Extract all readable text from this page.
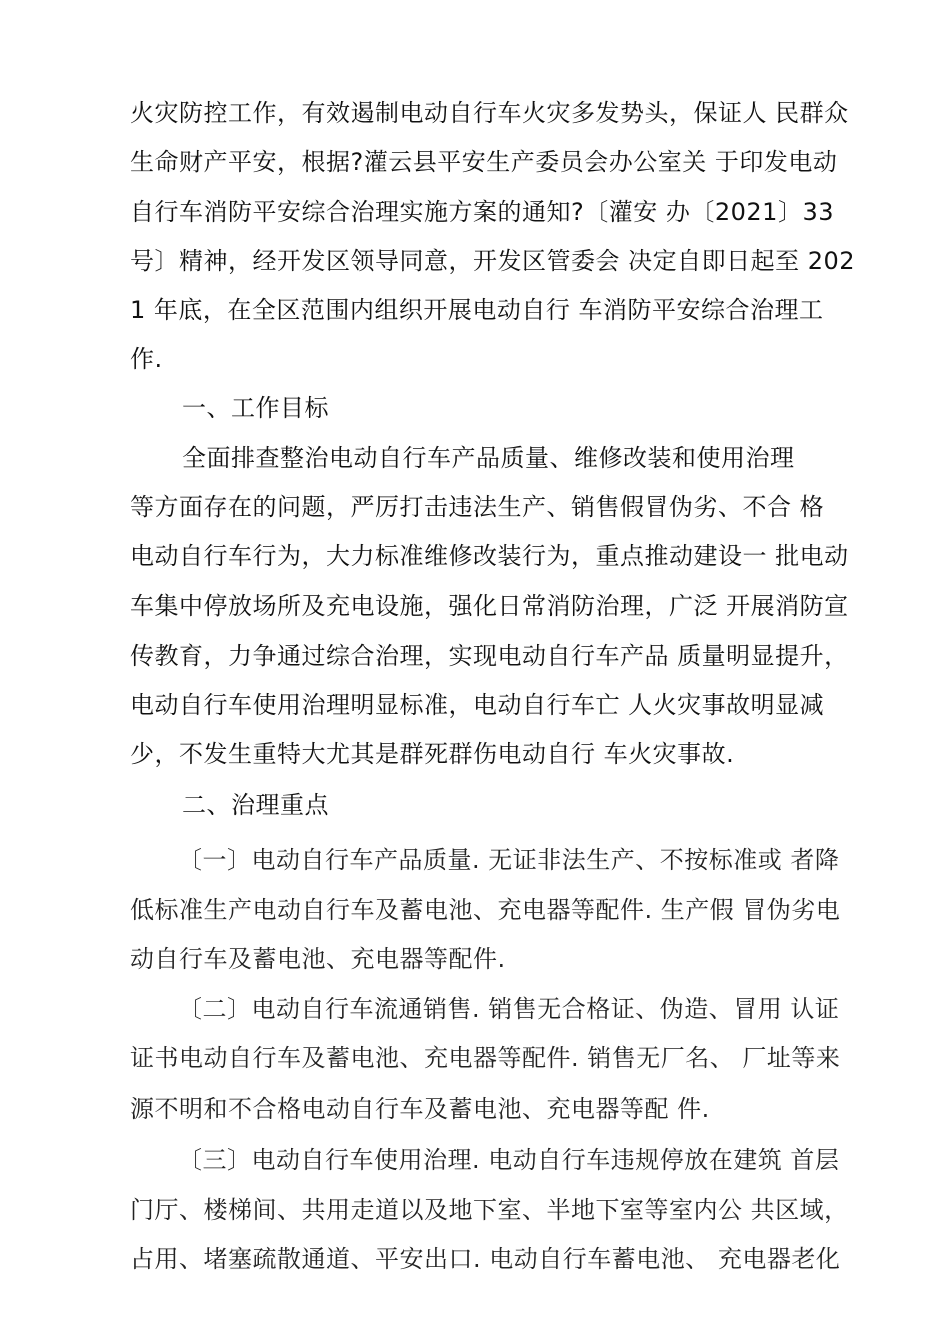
火灾防控工作，有效遏制电动自行车火灾多发势头，保证人 民群众
生命财产平安，根据?灌云县平安生产委员会办公室关 于印发电动
自行车消防平安综合治理实施方案的通知?〔灌安 办〔2021〕33
号〕精神，经开发区领导同意，开发区管委会 决定自即日起至 202
1 年底，在全区范围内组织开展电动自行 车消防平安综合治理工
作.
一、工作目标
全面排查整治电动自行车产品质量、维修改装和使用治理
等方面存在的问题，严厉打击违法生产、销售假冒伪劣、不合 格
电动自行车行为，大力标准维修改装行为，重点推动建设一 批电动
车集中停放场所及充电设施，强化日常消防治理，广泛 开展消防宣
传教育，力争通过综合治理，实现电动自行车产品 质量明显提升，
电动自行车使用治理明显标准，电动自行车亡 人火灾事故明显减
少，不发生重特大尤其是群死群伤电动自行 车火灾事故.
二、治理重点
〔一〕电动自行车产品质量. 无证非法生产、不按标准或 者降
低标准生产电动自行车及蓄电池、充电器等配件. 生产假 冒伪劣电
动自行车及蓄电池、充电器等配件.
〔二〕电动自行车流通销售. 销售无合格证、伪造、冒用 认证
证书电动自行车及蓄电池、充电器等配件. 销售无厂名、 厂址等来
源不明和不合格电动自行车及蓄电池、充电器等配 件.
〔三〕电动自行车使用治理. 电动自行车违规停放在建筑 首层
门厅、楼梯间、共用走道以及地下室、半地下室等室内公 共区域，
占用、堵塞疏散通道、平安出口. 电动自行车蓄电池、 充电器老化
